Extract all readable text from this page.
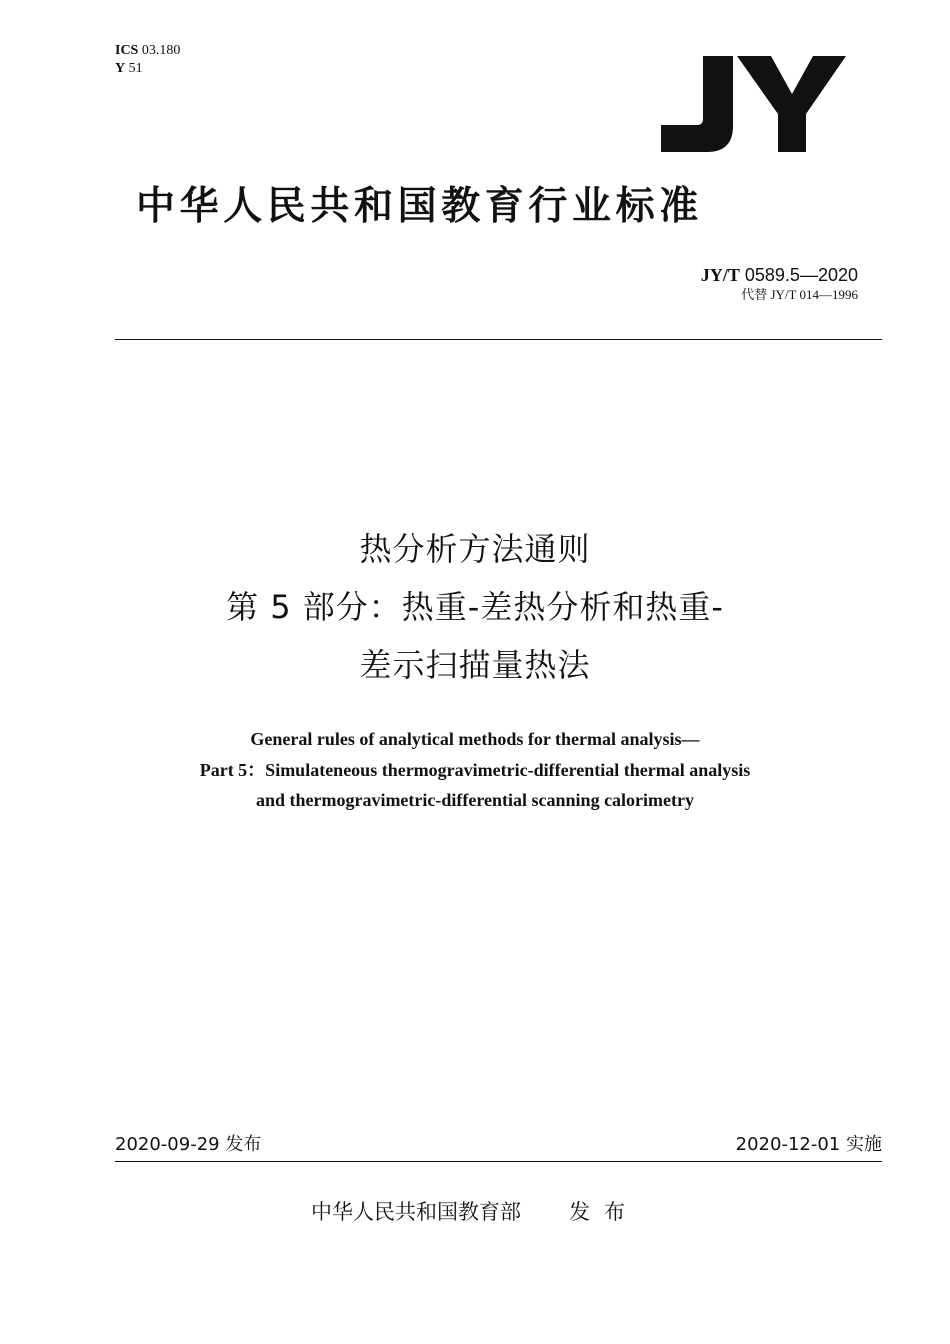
ICS 03.180
Y 51
中华人民共和国教育行业标准
JY/T 0589.5—2020
代替 JY/T 014—1996
热分析方法通则
第 5 部分：热重-差热分析和热重-
差示扫描量热法
General rules of analytical methods for thermal analysis—
Part 5：Simulateneous thermogravimetric-differential thermal analysis
and thermogravimetric-differential scanning calorimetry
2020-09-29 发布	2020-12-01 实施
中华人民共和国教育部 发布
